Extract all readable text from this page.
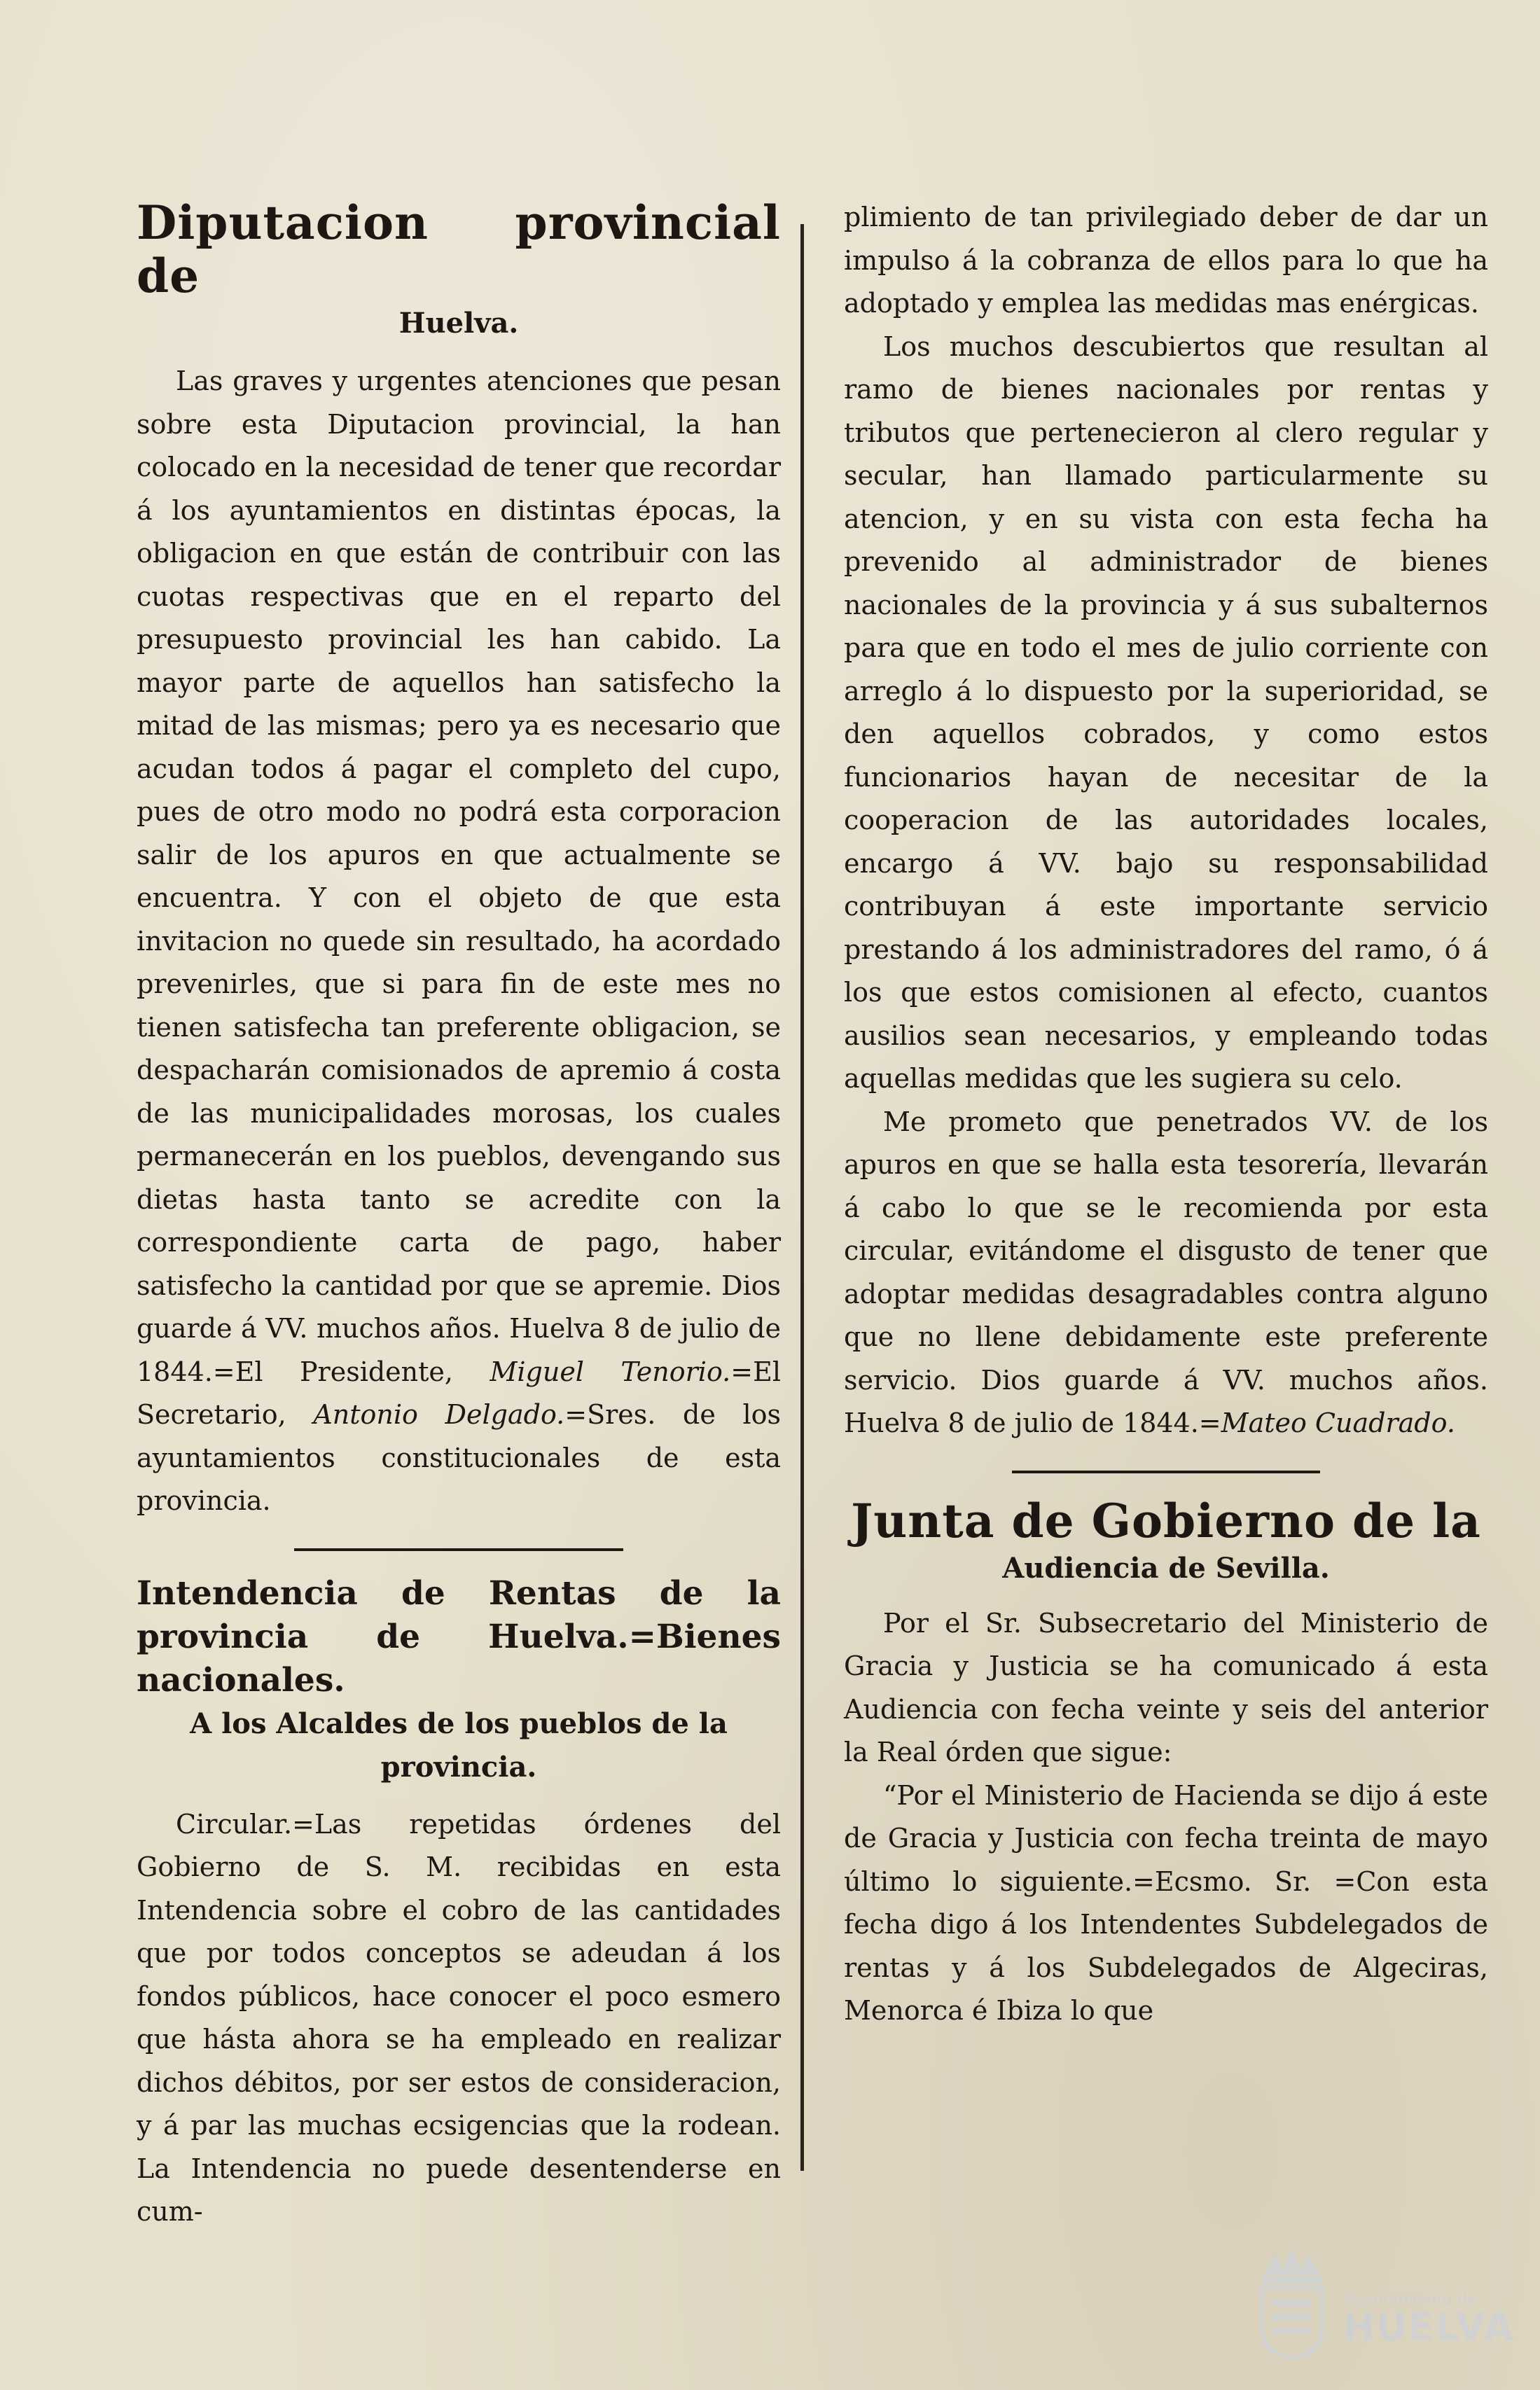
Diputacion provincial de
Huelva.

Las graves y urgentes atenciones que pesan sobre esta Diputacion provincial, la han colocado en la necesidad de tener que recordar á los ayuntamientos en distintas épocas, la obligacion en que están de contribuir con las cuotas respectivas que en el reparto del presupuesto provincial les han cabido. La mayor parte de aquellos han satisfecho la mitad de las mismas; pero ya es necesario que acudan todos á pagar el completo del cupo, pues de otro modo no podrá esta corporacion salir de los apuros en que actualmente se encuentra. Y con el objeto de que esta invitacion no quede sin resultado, ha acordado prevenirles, que si para fin de este mes no tienen satisfecha tan preferente obligacion, se despacharán comisionados de apremio á costa de las municipalidades morosas, los cuales permanecerán en los pueblos, devengando sus dietas hasta tanto se acredite con la correspondiente carta de pago, haber satisfecho la cantidad por que se apremie. Dios guarde á VV. muchos años. Huelva 8 de julio de 1844.=El Presidente, Miguel Tenorio.=El Secretario, Antonio Delgado.=Sres. de los ayuntamientos constitucionales de esta provincia.

Intendencia de Rentas de la provincia de Huelva.=Bienes nacionales.
A los Alcaldes de los pueblos de la provincia.

Circular.=Las repetidas órdenes del Gobierno de S. M. recibidas en esta Intendencia sobre el cobro de las cantidades que por todos conceptos se adeudan á los fondos públicos, hace conocer el poco esmero que hásta ahora se ha empleado en realizar dichos débitos, por ser estos de consideracion, y á par las muchas ecsigencias que la rodean. La Intendencia no puede desentenderse en cum-

plimiento de tan privilegiado deber de dar un impulso á la cobranza de ellos para lo que ha adoptado y emplea las medidas mas enérgicas.

Los muchos descubiertos que resultan al ramo de bienes nacionales por rentas y tributos que pertenecieron al clero regular y secular, han llamado particularmente su atencion, y en su vista con esta fecha ha prevenido al administrador de bienes nacionales de la provincia y á sus subalternos para que en todo el mes de julio corriente con arreglo á lo dispuesto por la superioridad, se den aquellos cobrados, y como estos funcionarios hayan de necesitar de la cooperacion de las autoridades locales, encargo á VV. bajo su responsabilidad contribuyan á este importante servicio prestando á los administradores del ramo, ó á los que estos comisionen al efecto, cuantos ausilios sean necesarios, y empleando todas aquellas medidas que les sugiera su celo.

Me prometo que penetrados VV. de los apuros en que se halla esta tesorería, llevarán á cabo lo que se le recomienda por esta circular, evitándome el disgusto de tener que adoptar medidas desagradables contra alguno que no llene debidamente este preferente servicio. Dios guarde á VV. muchos años. Huelva 8 de julio de 1844.=Mateo Cuadrado.

Junta de Gobierno de la
Audiencia de Sevilla.

Por el Sr. Subsecretario del Ministerio de Gracia y Justicia se ha comunicado á esta Audiencia con fecha veinte y seis del anterior la Real órden que sigue:

“Por el Ministerio de Hacienda se dijo á este de Gracia y Justicia con fecha treinta de mayo último lo siguiente.=Ecsmo. Sr. =Con esta fecha digo á los Intendentes Subdelegados de rentas y á los Subdelegados de Algeciras, Menorca é Ibiza lo que

Ayuntamiento de
HUELVA
